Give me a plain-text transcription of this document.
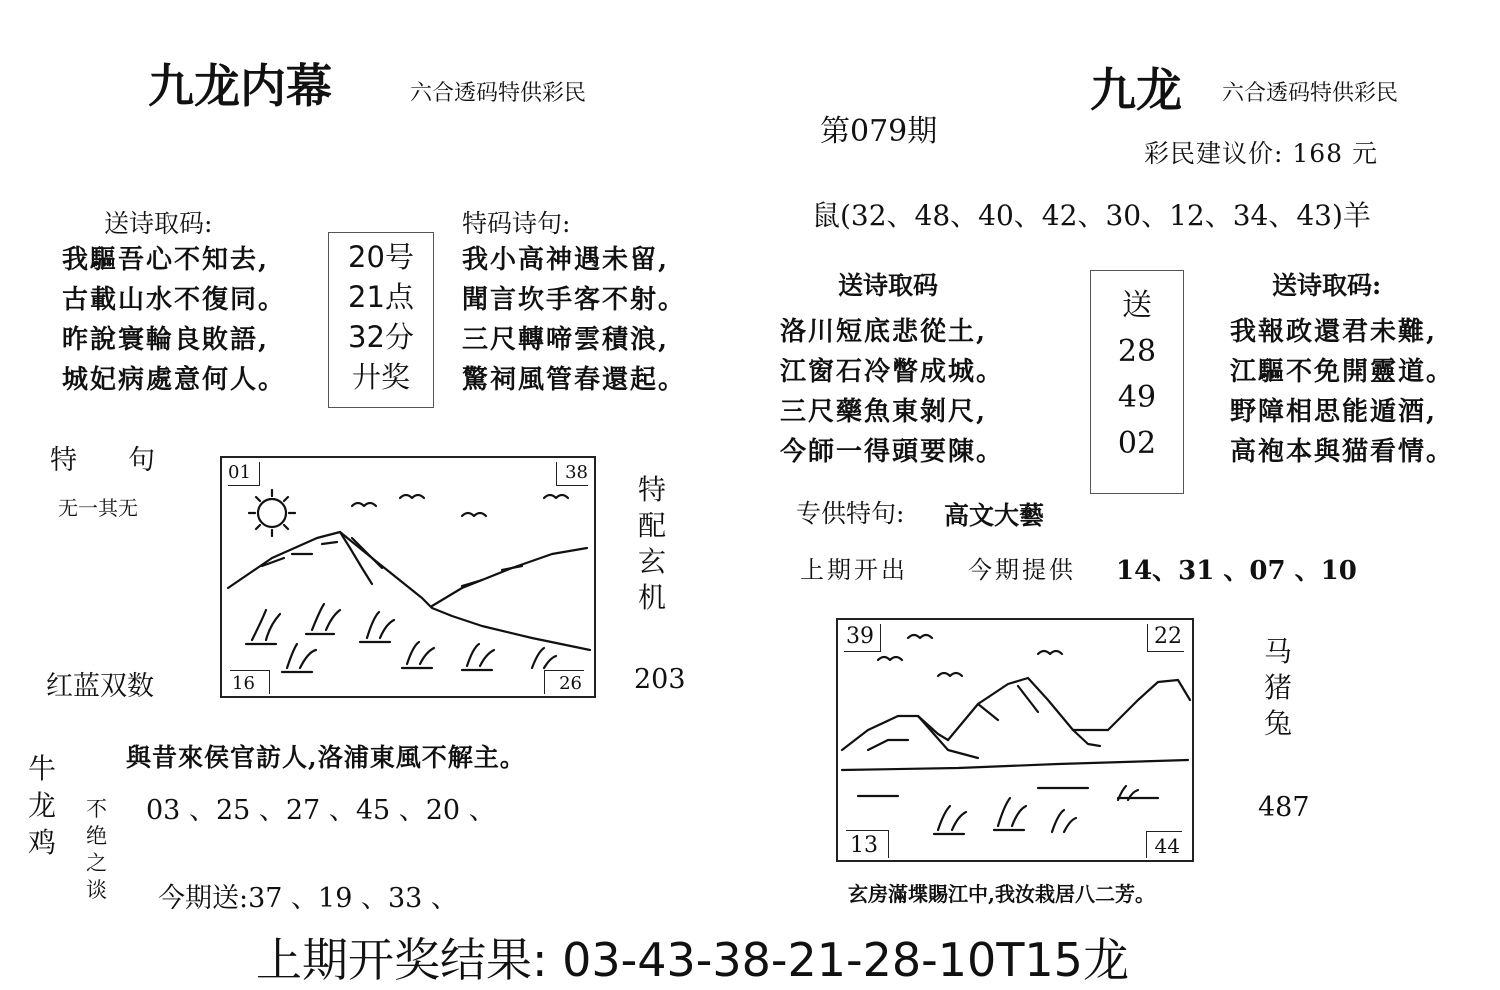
九龙内幕	六合透码特供彩民
送诗取码:
我驅吾心不知去,
古載山水不復同。
昨說寰輪良敗語,
城妃病處意何人。
20号
21点
32分
廾奖
特码诗句:
我小高神遇未留,
聞言坎手客不射。
三尺轉啼雲積浪,
驚祠風管春還起。
特　句
无一其无
红蓝双数
01	38
16	26
特
配
玄
机
203
與昔來侯官訪人,洛浦東風不解主。
牛
龙
鸡
不
绝
之
谈
03 、25 、27 、45 、20 、
今期送:37 、19 、33 、
九龙 六合透码特供彩民
第079期
彩民建议价: 168 元
鼠(32、48、40、42、30、12、34、43)羊
送诗取码
洛川短底悲從土,
江窗石冷瞥成城。
三尺藥魚東剝尺,
今師一得頭要陳。
送
28
49
02
送诗取码:
我報政還君未難,
江驅不免開靈道。
野障相思能遁酒,
高袍本與猫看情。
专供特句: 高文大藝
上期开出	今期提供 14、31 、07 、10
39	22
13	44
马
猪
兔
487
玄房滿堞賜江中,我汝栽居八二芳。
上期开奖结果: 03-43-38-21-28-10T15龙
